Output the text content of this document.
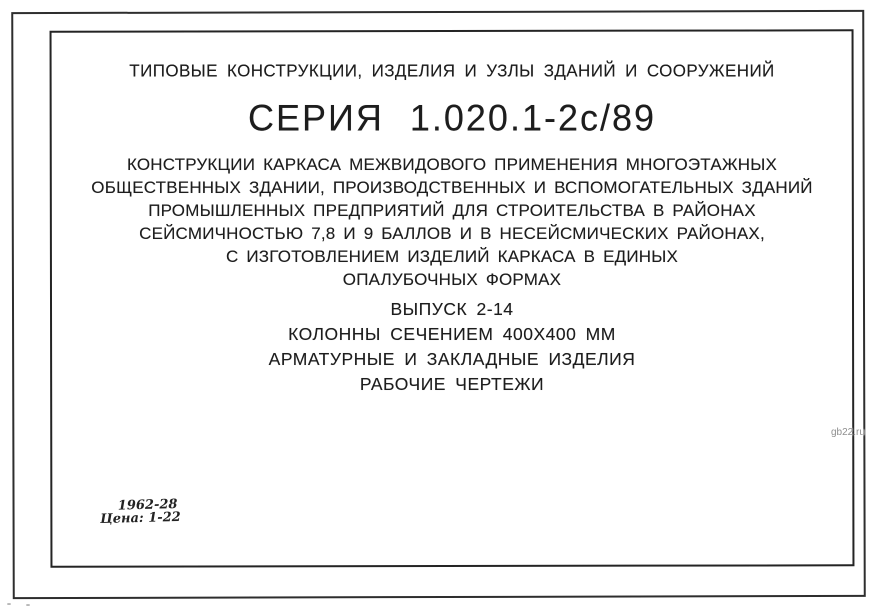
ТИПОВЫЕ КОНСТРУКЦИИ, ИЗДЕЛИЯ И УЗЛЫ ЗДАНИЙ И СООРУЖЕНИЙ
СЕРИЯ 1.020.1-2с/89
КОНСТРУКЦИИ КАРКАСА МЕЖВИДОВОГО ПРИМЕНЕНИЯ МНОГОЭТАЖНЫХ
ОБЩЕСТВЕННЫХ ЗДАНИИ, ПРОИЗВОДСТВЕННЫХ И ВСПОМОГАТЕЛЬНЫХ ЗДАНИЙ
ПРОМЫШЛЕННЫХ ПРЕДПРИЯТИЙ ДЛЯ СТРОИТЕЛЬСТВА В РАЙОНАХ
СЕЙСМИЧНОСТЬЮ 7,8 И 9 БАЛЛОВ И В НЕСЕЙСМИЧЕСКИХ РАЙОНАХ,
С ИЗГОТОВЛЕНИЕМ ИЗДЕЛИЙ КАРКАСА В ЕДИНЫХ
ОПАЛУБОЧНЫХ ФОРМАХ
ВЫПУСК 2-14
КОЛОННЫ СЕЧЕНИЕМ 400X400 ММ
АРМАТУРНЫЕ И ЗАКЛАДНЫЕ ИЗДЕЛИЯ
РАБОЧИЕ ЧЕРТЕЖИ
1962-28
Цена: 1-22
gb22.ru
